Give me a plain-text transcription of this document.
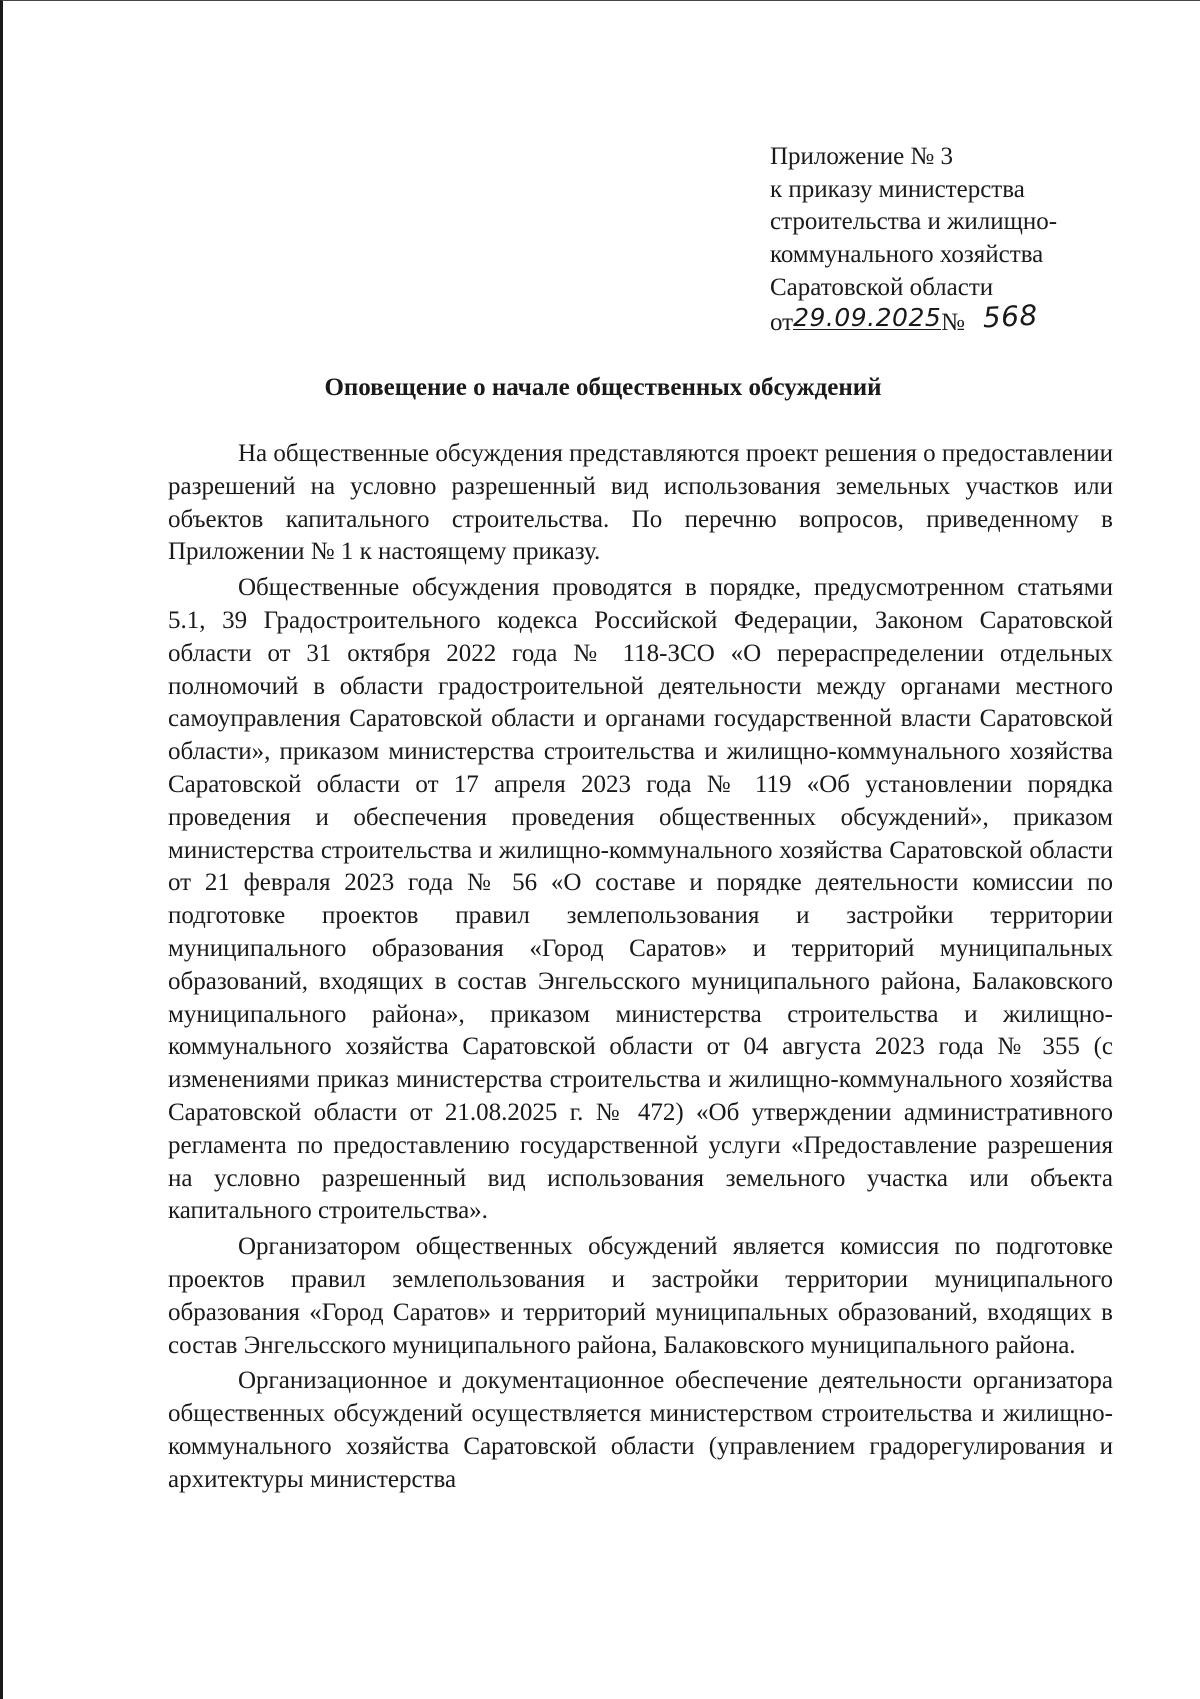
Приложение № 3
к приказу министерства
строительства и жилищно-
коммунального хозяйства
Саратовской области
от29.09.2025№ 568
Оповещение о начале общественных обсуждений

На общественные обсуждения представляются проект решения о предоставлении разрешений на условно разрешенный вид использования земельных участков или объектов капитального строительства. По перечню вопросов, приведенному в Приложении № 1 к настоящему приказу.

Общественные обсуждения проводятся в порядке, предусмотренном статьями 5.1, 39 Градостроительного кодекса Российской Федерации, Законом Саратовской области от 31 октября 2022 года № 118-ЗСО «О перераспределении отдельных полномочий в области градостроительной деятельности между органами местного самоуправления Саратовской области и органами государственной власти Саратовской области», приказом министерства строительства и жилищно-коммунального хозяйства Саратовской области от 17 апреля 2023 года № 119 «Об установлении порядка проведения и обеспечения проведения общественных обсуждений», приказом министерства строительства и жилищно-коммунального хозяйства Саратовской области от 21 февраля 2023 года № 56 «О составе и порядке деятельности комиссии по подготовке проектов правил землепользования и застройки территории муниципального образования «Город Саратов» и территорий муниципальных образований, входящих в состав Энгельсского муниципального района, Балаковского муниципального района», приказом министерства строительства и жилищно-коммунального хозяйства Саратовской области от 04 августа 2023 года № 355 (с изменениями приказ министерства строительства и жилищно-коммунального хозяйства Саратовской области от 21.08.2025 г. № 472) «Об утверждении административного регламента по предоставлению государственной услуги «Предоставление разрешения на условно разрешенный вид использования земельного участка или объекта капитального строительства».

Организатором общественных обсуждений является комиссия по подготовке проектов правил землепользования и застройки территории муниципального образования «Город Саратов» и территорий муниципальных образований, входящих в состав Энгельсского муниципального района, Балаковского муниципального района.

Организационное и документационное обеспечение деятельности организатора общественных обсуждений осуществляется министерством строительства и жилищно-коммунального хозяйства Саратовской области (управлением градорегулирования и архитектуры министерства
